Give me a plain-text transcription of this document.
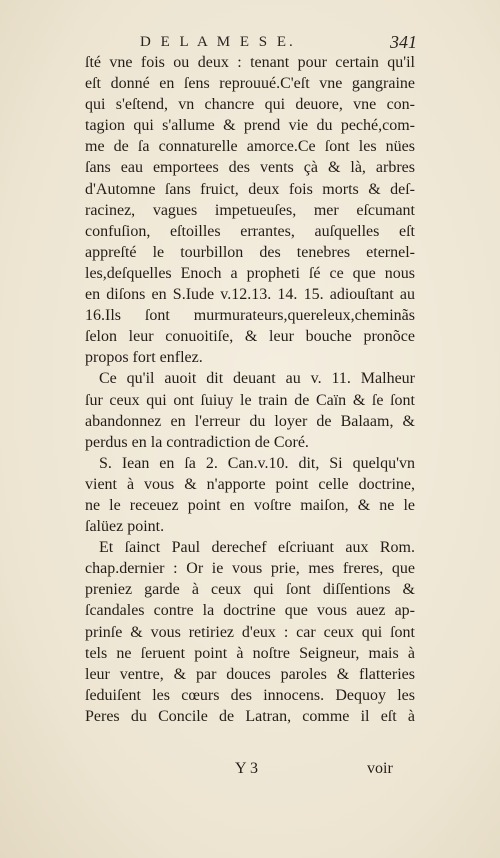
D E L A M E S E.	341
ſté vne fois ou deux : tenant pour certain qu'il
eſt donné en ſens reprouué.C'eſt vne gangraine
qui s'eſtend, vn chancre qui deuore, vne con-
tagion qui s'allume & prend vie du peché,com-
me de ſa connaturelle amorce.Ce ſont les nües
ſans eau emportees des vents çà & là, arbres
d'Automne ſans fruict, deux fois morts & deſ-
racinez, vagues impetueuſes, mer eſcumant
confuſion, eſtoilles errantes, auſquelles eſt
appreſté le tourbillon des tenebres eternel-
les,deſquelles Enoch a propheti ſé ce que nous
en diſons en S.Iude v.12.13. 14. 15. adiouſtant au
16.Ils ſont murmurateurs,quereleux,cheminãs
ſelon leur conuoitiſe, & leur bouche pronõce
propos fort enflez.
Ce qu'il auoit dit deuant au v. 11. Malheur
ſur ceux qui ont ſuiuy le train de Caïn & ſe ſont
abandonnez en l'erreur du loyer de Balaam, &
perdus en la contradiction de Coré.
S. Iean en ſa 2. Can.v.10. dit, Si quelqu'vn
vient à vous & n'apporte point celle doctrine,
ne le receuez point en voſtre maiſon, & ne le
ſalüez point.
Et ſainct Paul derechef eſcriuant aux Rom.
chap.dernier : Or ie vous prie, mes freres, que
preniez garde à ceux qui ſont diſſentions &
ſcandales contre la doctrine que vous auez ap-
prinſe & vous retiriez d'eux : car ceux qui ſont
tels ne ſeruent point à noſtre Seigneur, mais à
leur ventre, & par douces paroles & flatteries
ſeduiſent les cœurs des innocens. Dequoy les
Peres du Concile de Latran, comme il eſt à
Y 3	voir
